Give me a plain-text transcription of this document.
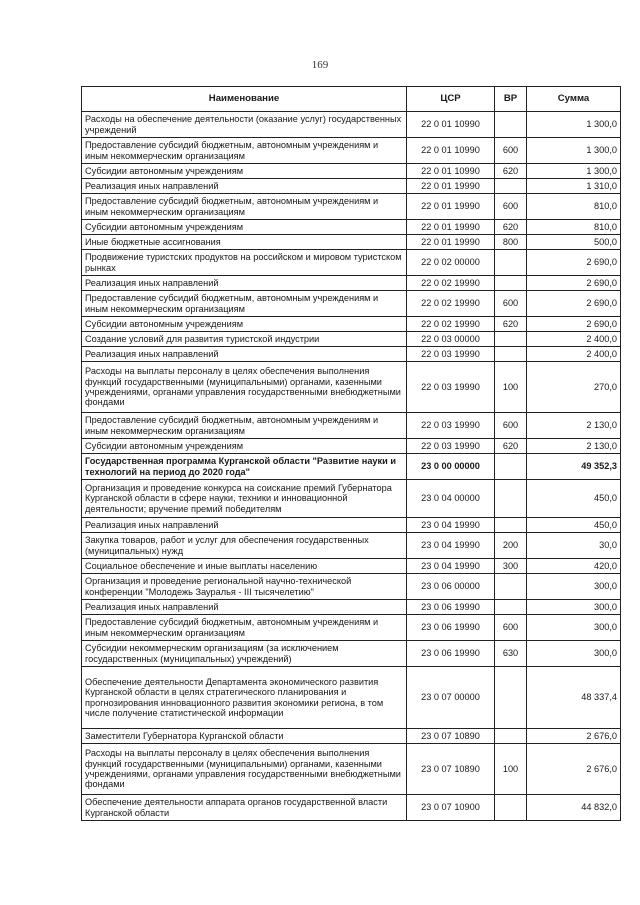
169
Наименование	ЦСР	ВР	Сумма
Расходы на обеспечение деятельности (оказание услуг) государственных учреждений	22 0 01 10990		1 300,0
Предоставление субсидий бюджетным, автономным учреждениям и иным некоммерческим организациям	22 0 01 10990	600	1 300,0
Субсидии автономным учреждениям	22 0 01 10990	620	1 300,0
Реализация иных направлений	22 0 01 19990		1 310,0
Предоставление субсидий бюджетным, автономным учреждениям и иным некоммерческим организациям	22 0 01 19990	600	810,0
Субсидии автономным учреждениям	22 0 01 19990	620	810,0
Иные бюджетные ассигнования	22 0 01 19990	800	500,0
Продвижение туристских продуктов на российском и мировом туристском рынках	22 0 02 00000		2 690,0
Реализация иных направлений	22 0 02 19990		2 690,0
Предоставление субсидий бюджетным, автономным учреждениям и иным некоммерческим организациям	22 0 02 19990	600	2 690,0
Субсидии автономным учреждениям	22 0 02 19990	620	2 690,0
Создание условий для развития туристской индустрии	22 0 03 00000		2 400,0
Реализация иных направлений	22 0 03 19990		2 400,0
Расходы на выплаты персоналу в целях обеспечения выполнения функций государственными (муниципальными) органами, казенными учреждениями, органами управления государственными внебюджетными фондами	22 0 03 19990	100	270,0
Предоставление субсидий бюджетным, автономным учреждениям и иным некоммерческим организациям	22 0 03 19990	600	2 130,0
Субсидии автономным учреждениям	22 0 03 19990	620	2 130,0
Государственная программа Курганской области "Развитие науки и технологий на период до 2020 года"	23 0 00 00000		49 352,3
Организация и проведение конкурса на соискание премий Губернатора Курганской области в сфере науки, техники и инновационной деятельности; вручение премий победителям	23 0 04 00000		450,0
Реализация иных направлений	23 0 04 19990		450,0
Закупка товаров, работ и услуг для обеспечения государственных (муниципальных) нужд	23 0 04 19990	200	30,0
Социальное обеспечение и иные выплаты населению	23 0 04 19990	300	420,0
Организация и проведение региональной научно-технической конференции "Молодежь Зауралья - III тысячелетию"	23 0 06 00000		300,0
Реализация иных направлений	23 0 06 19990		300,0
Предоставление субсидий бюджетным, автономным учреждениям и иным некоммерческим организациям	23 0 06 19990	600	300,0
Субсидии некоммерческим организациям (за исключением государственных (муниципальных) учреждений)	23 0 06 19990	630	300,0
Обеспечение деятельности Департамента экономического развития Курганской области в целях стратегического планирования и прогнозирования инновационного развития экономики региона, в том числе получение статистической информации	23 0 07 00000		48 337,4
Заместители Губернатора Курганской области	23 0 07 10890		2 676,0
Расходы на выплаты персоналу в целях обеспечения выполнения функций государственными (муниципальными) органами, казенными учреждениями, органами управления государственными внебюджетными фондами	23 0 07 10890	100	2 676,0
Обеспечение деятельности аппарата органов государственной власти Курганской области	23 0 07 10900		44 832,0
